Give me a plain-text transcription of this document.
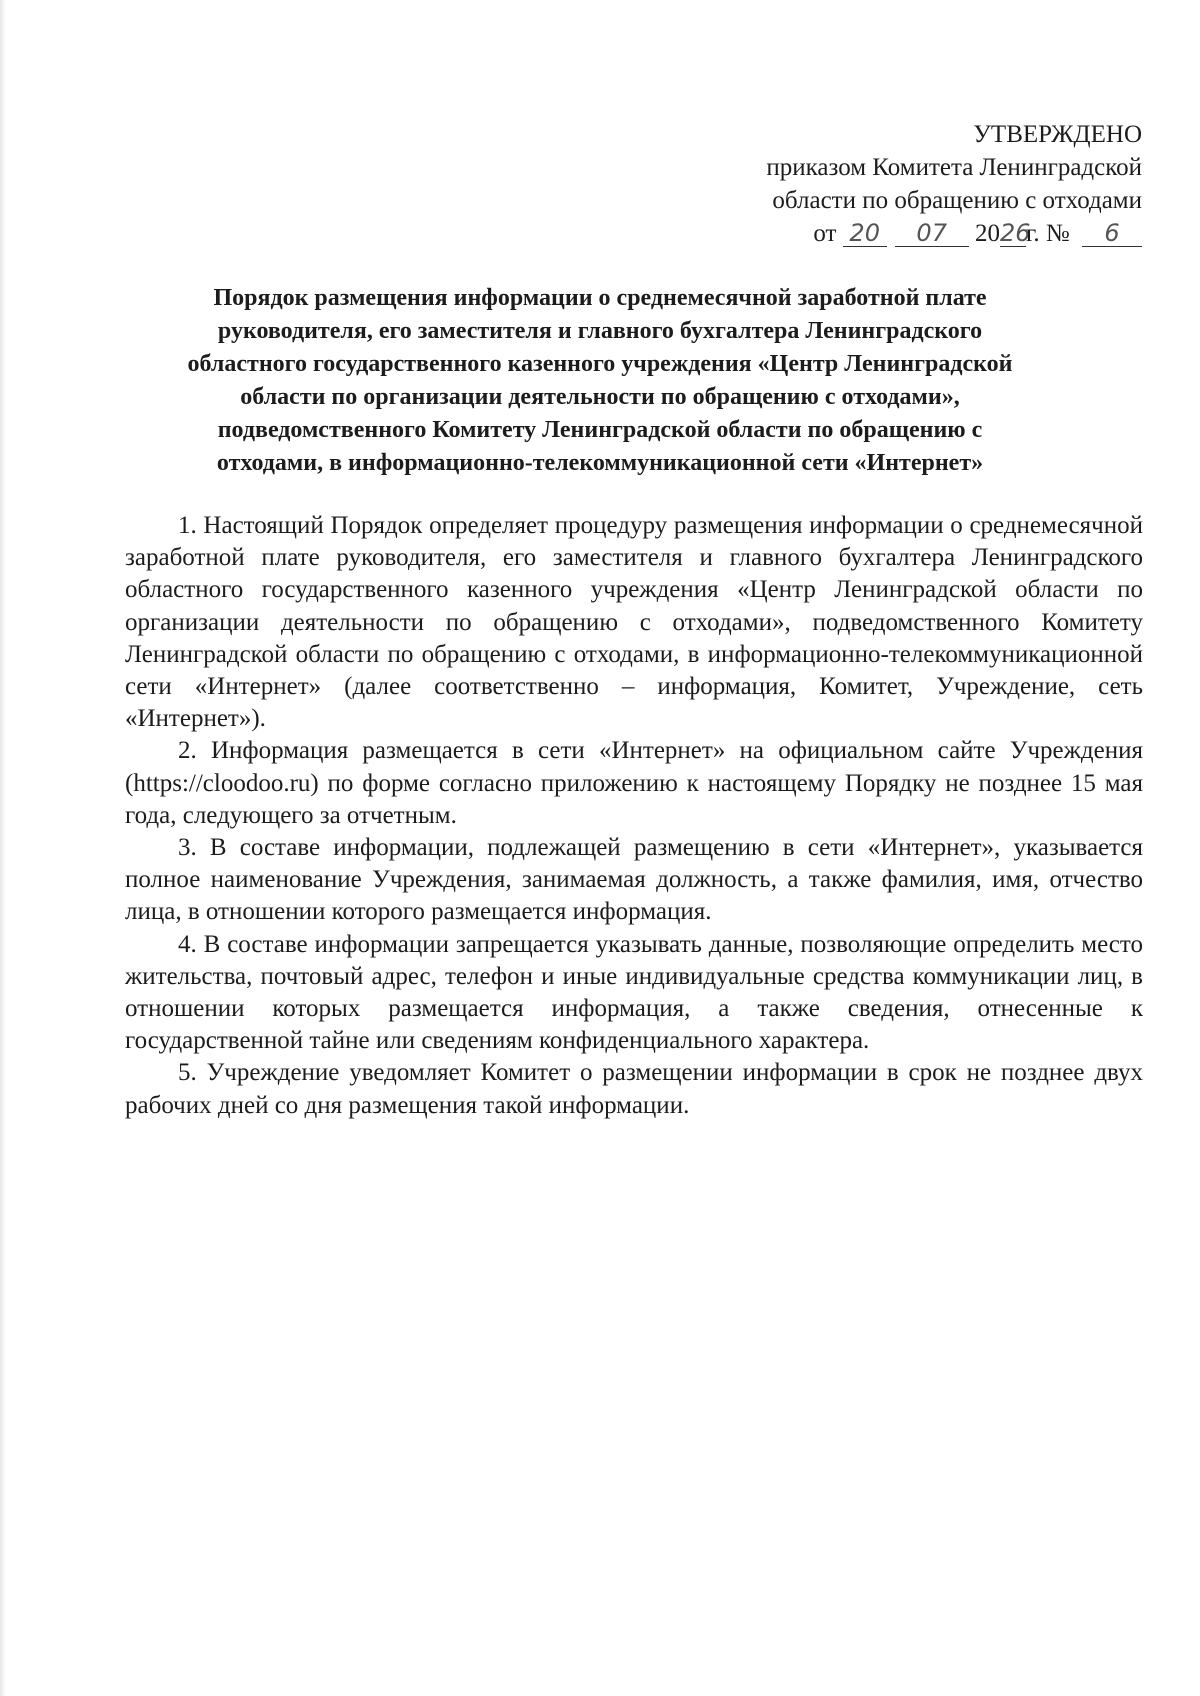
УТВЕРЖДЕНО
приказом Комитета Ленинградской
области по обращению с отходами
от 20 07 2026г. № 6
Порядок размещения информации о среднемесячной заработной плате
руководителя, его заместителя и главного бухгалтера Ленинградского
областного государственного казенного учреждения «Центр Ленинградской
области по организации деятельности по обращению с отходами»,
подведомственного Комитету Ленинградской области по обращению с
отходами, в информационно-телекоммуникационной сети «Интернет»

1. Настоящий Порядок определяет процедуру размещения информации о среднемесячной заработной плате руководителя, его заместителя и главного бухгалтера Ленинградского областного государственного казенного учреждения «Центр Ленинградской области по организации деятельности по обращению с отходами», подведомственного Комитету Ленинградской области по обращению с отходами, в информационно-телекоммуникационной сети «Интернет» (далее соответственно – информация, Комитет, Учреждение, сеть «Интернет»).

2. Информация размещается в сети «Интернет» на официальном сайте Учреждения (https://cloodoo.ru) по форме согласно приложению к настоящему Порядку не позднее 15 мая года, следующего за отчетным.

3. В составе информации, подлежащей размещению в сети «Интернет», указывается полное наименование Учреждения, занимаемая должность, а также фамилия, имя, отчество лица, в отношении которого размещается информация.

4. В составе информации запрещается указывать данные, позволяющие определить место жительства, почтовый адрес, телефон и иные индивидуальные средства коммуникации лиц, в отношении которых размещается информация, а также сведения, отнесенные к государственной тайне или сведениям конфиденциального характера.

5. Учреждение уведомляет Комитет о размещении информации в срок не позднее двух рабочих дней со дня размещения такой информации.
